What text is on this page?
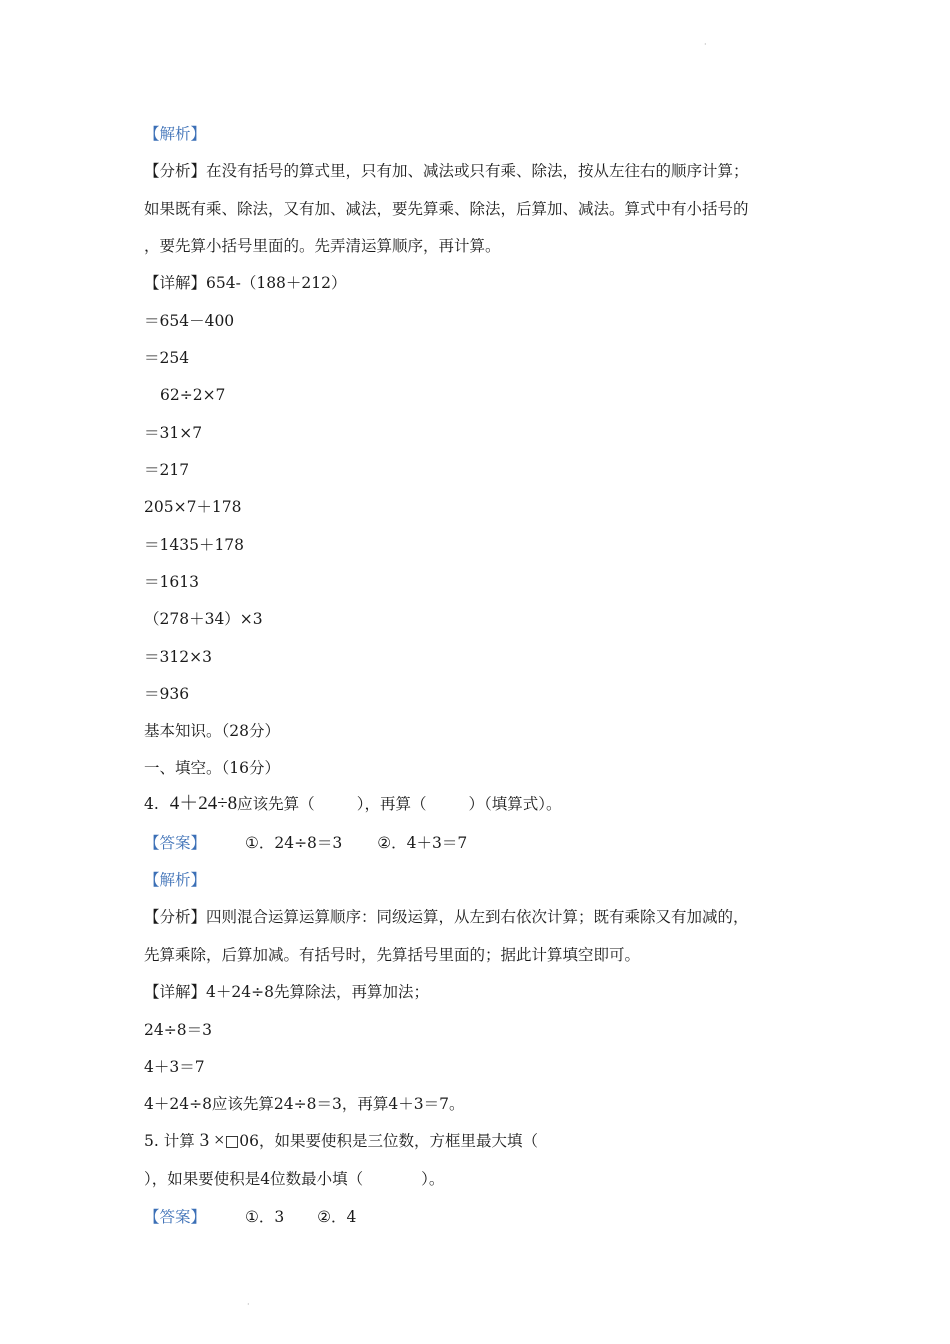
·
【解析】
【分析】在没有括号的算式里，只有加、减法或只有乘、除法，按从左往右的顺序计算；
如果既有乘、除法，又有加、减法，要先算乘、除法，后算加、减法。算式中有小括号的
，要先算小括号里面的。先弄清运算顺序，再计算。
【详解】654-（188＋212）
＝654－400
＝254
62÷2×7
＝31×7
＝217
205×7＋178
＝1435＋178
＝1613
（278＋34）×3
＝312×3
＝936
基本知识。（28分）
一、填空。（16分）
4. 4＋24÷8应该先算（	），再算（	）（填算式）。
【答案】	①．24÷8＝3 ②．4＋3＝7
【解析】
【分析】四则混合运算运算顺序：同级运算，从左到右依次计算；既有乘除又有加减的，
先算乘除，后算加减。有括号时，先算括号里面的；据此计算填空即可。
【详解】4＋24÷8先算除法，再算加法；
24÷8＝3
4＋3＝7
4＋24÷8应该先算24÷8＝3，再算4＋3＝7。
5. 计算 3 ×□06，如果要使积是三位数，方框里最大填（
），如果要使积是4位数最小填（	）。
【答案】	①．3 ②．4
·
